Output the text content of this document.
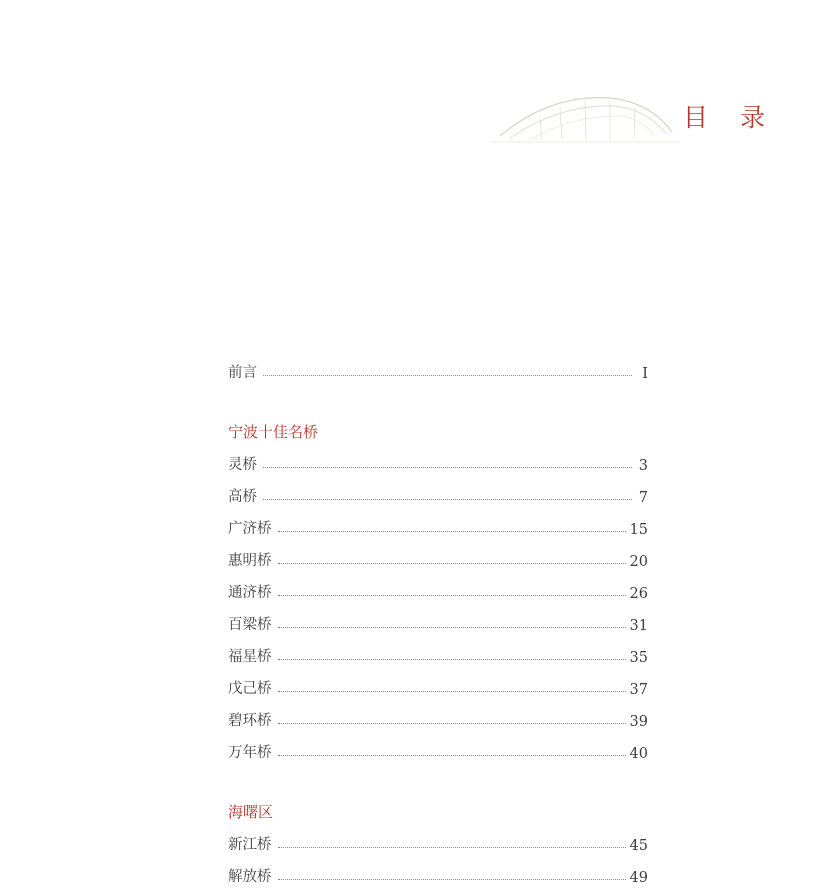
目 录
前言	I
宁波十佳名桥
灵桥	3
高桥	7
广济桥	15
惠明桥	20
通济桥	26
百梁桥	31
福星桥	35
戊己桥	37
碧环桥	39
万年桥	40
海曙区
新江桥	45
解放桥	49
